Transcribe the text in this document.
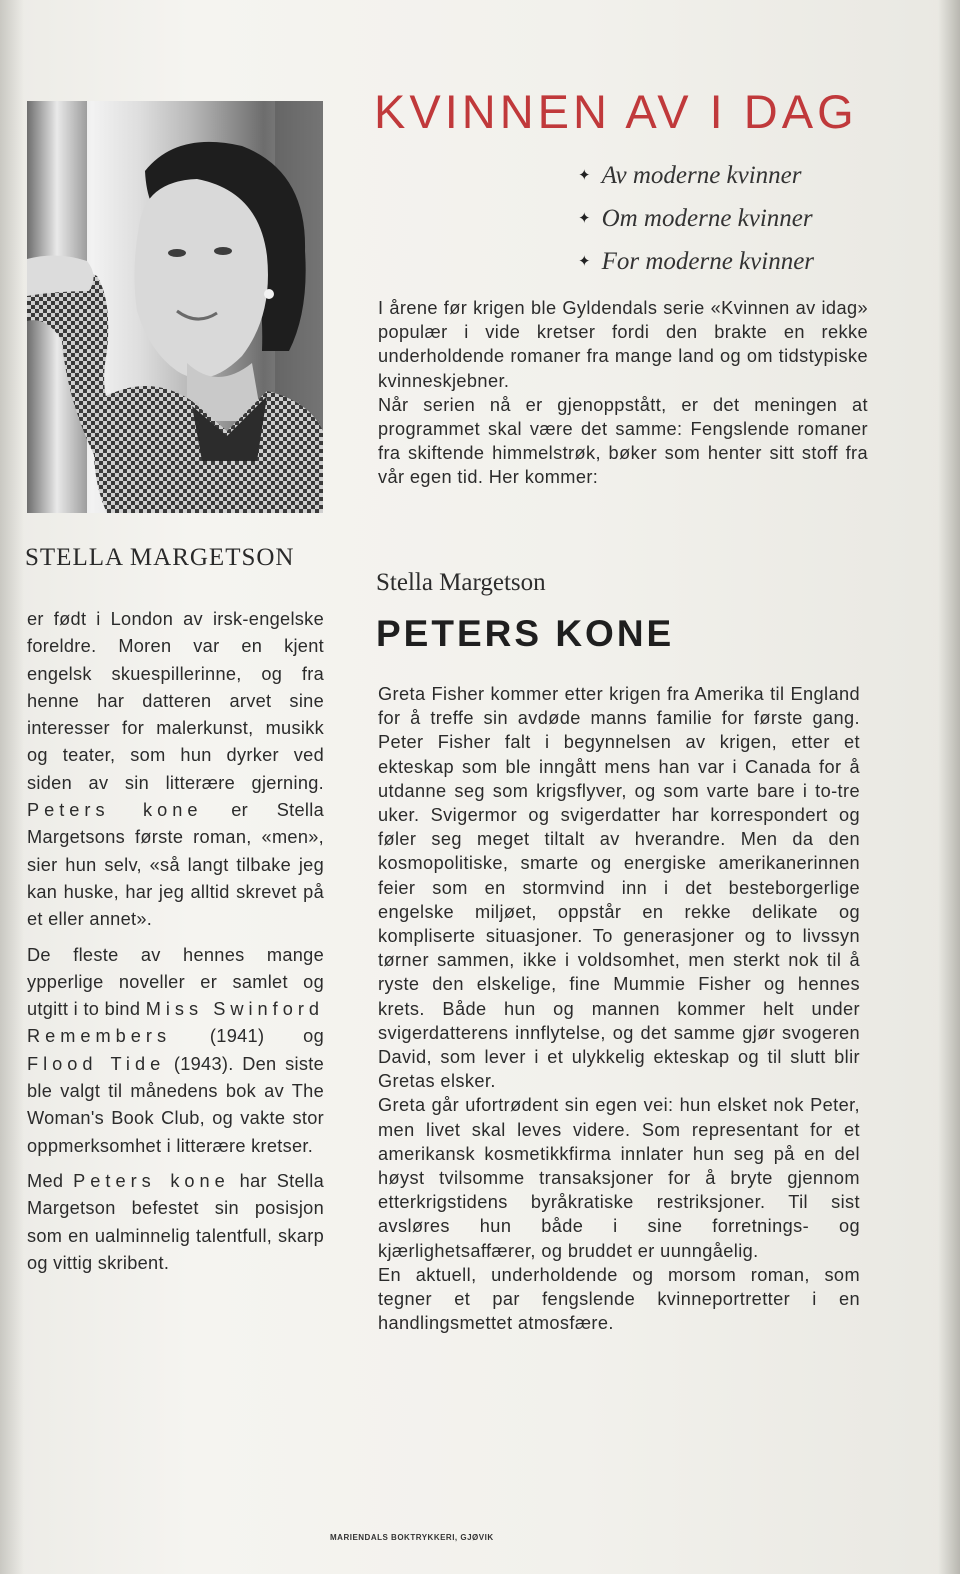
STELLA MARGETSON

er født i London av irsk-engelske foreldre. Moren var en kjent engelsk skuespillerinne, og fra henne har datteren arvet sine interesser for malerkunst, musikk og teater, som hun dyrker ved siden av sin litterære gjerning. Peters kone er Stella Margetsons første roman, «men», sier hun selv, «så langt tilbake jeg kan huske, har jeg alltid skrevet på et eller annet».

De fleste av hennes mange ypperlige noveller er samlet og utgitt i to bind Miss Swinford Remembers (1941) og Flood Tide (1943). Den siste ble valgt til månedens bok av The Woman's Book Club, og vakte stor oppmerksomhet i litterære kretser.

Med Peters kone har Stella Margetson befestet sin posisjon som en ualminnelig talentfull, skarp og vittig skribent.

KVINNEN AV I DAG
✦ Av moderne kvinner
✦ Om moderne kvinner
✦ For moderne kvinner

I årene før krigen ble Gyldendals serie «Kvinnen av idag» populær i vide kretser fordi den brakte en rekke underholdende romaner fra mange land og om tidstypiske kvinneskjebner.

Når serien nå er gjenoppstått, er det meningen at programmet skal være det samme: Fengslende romaner fra skiftende himmelstrøk, bøker som henter sitt stoff fra vår egen tid. Her kommer:

Stella Margetson
PETERS KONE

Greta Fisher kommer etter krigen fra Amerika til England for å treffe sin avdøde manns familie for første gang. Peter Fisher falt i begynnelsen av krigen, etter et ekteskap som ble inngått mens han var i Canada for å utdanne seg som krigsflyver, og som varte bare i to-tre uker. Svigermor og svigerdatter har korrespondert og føler seg meget tiltalt av hverandre. Men da den kosmopolitiske, smarte og energiske amerikanerinnen feier som en stormvind inn i det besteborgerlige engelske miljøet, oppstår en rekke delikate og kompliserte situasjoner. To generasjoner og to livssyn tørner sammen, ikke i voldsomhet, men sterkt nok til å ryste den elskelige, fine Mummie Fisher og hennes krets. Både hun og mannen kommer helt under svigerdatterens innflytelse, og det samme gjør svogeren David, som lever i et ulykkelig ekteskap og til slutt blir Gretas elsker.

Greta går ufortrødent sin egen vei: hun elsket nok Peter, men livet skal leves videre. Som representant for et amerikansk kosmetikkfirma innlater hun seg på en del høyst tvilsomme transaksjoner for å bryte gjennom etterkrigstidens byråkratiske restriksjoner. Til sist avsløres hun både i sine forretnings- og kjærlighetsaffærer, og bruddet er uunngåelig.

En aktuell, underholdende og morsom roman, som tegner et par fengslende kvinneportretter i en handlingsmettet atmosfære.

MARIENDALS BOKTRYKKERI, GJØVIK
